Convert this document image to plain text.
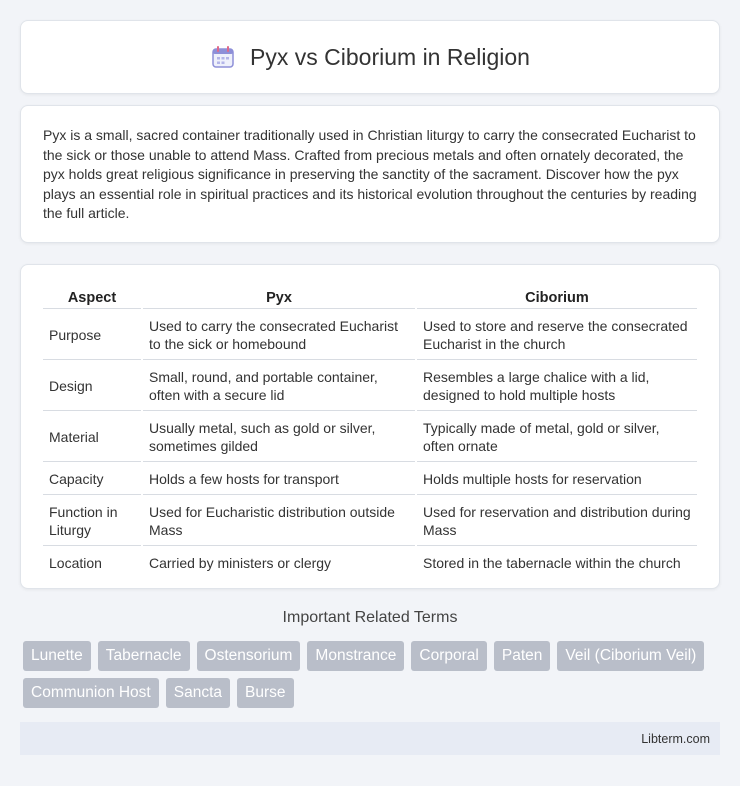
Pyx vs Ciborium in Religion

Pyx is a small, sacred container traditionally used in Christian liturgy to carry the consecrated Eucharist to the sick or those unable to attend Mass. Crafted from precious metals and often ornately decorated, the pyx holds great religious significance in preserving the sanctity of the sacrament. Discover how the pyx plays an essential role in spiritual practices and its historical evolution throughout the centuries by reading the full article.

Aspect	Pyx	Ciborium
Purpose	Used to carry the consecrated Eucharist to the sick or homebound	Used to store and reserve the consecrated Eucharist in the church
Design	Small, round, and portable container, often with a secure lid	Resembles a large chalice with a lid, designed to hold multiple hosts
Material	Usually metal, such as gold or silver, sometimes gilded	Typically made of metal, gold or silver, often ornate
Capacity	Holds a few hosts for transport	Holds multiple hosts for reservation
Function in Liturgy	Used for Eucharistic distribution outside Mass	Used for reservation and distribution during Mass
Location	Carried by ministers or clergy	Stored in the tabernacle within the church
Important Related Terms
Lunette	Tabernacle	Ostensorium	Monstrance	Corporal	Paten	Veil (Ciborium Veil)
Communion Host	Sancta	Burse
Libterm.com
